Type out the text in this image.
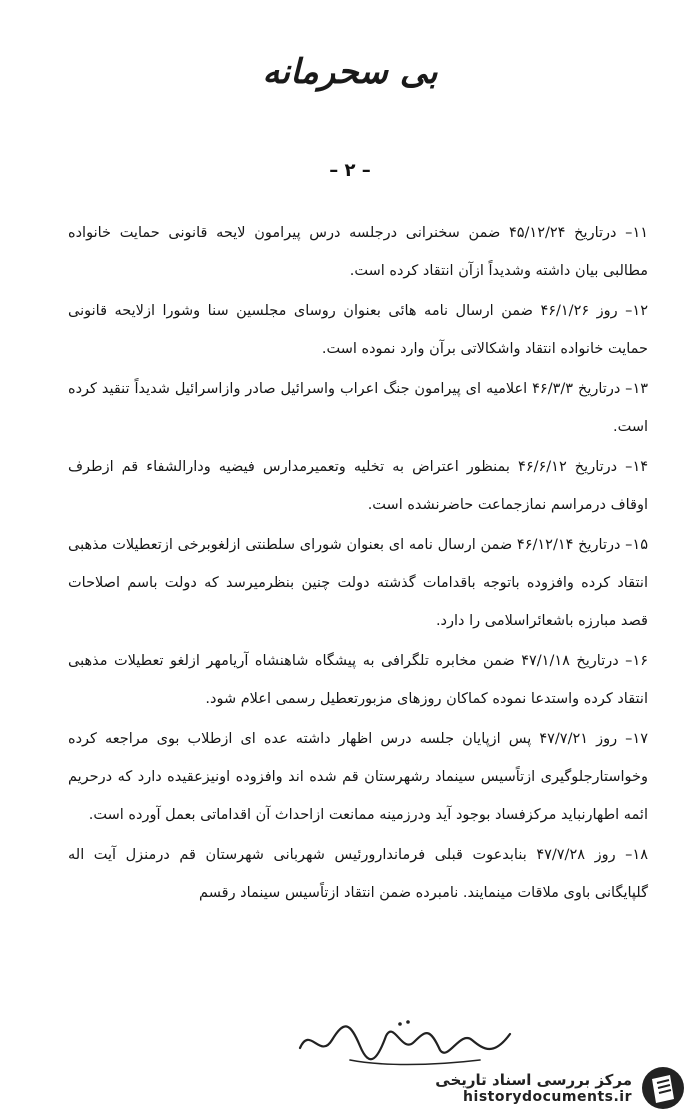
بی سحرمانه
– ۲ –

۱۱– درتاریخ ۴۵/۱۲/۲۴ ضمن سخنرانی درجلسه درس پیرامون لایحه قانونی حمایت خانواده مطالبی بیان داشته وشدیداً ازآن انتقاد کرده است.

۱۲– روز ۴۶/۱/۲۶ ضمن ارسال نامه هائی بعنوان روسای مجلسین سنا وشورا ازلایحه قانونی حمایت خانواده انتقاد واشکالاتی برآن وارد نموده است.

۱۳– درتاریخ ۴۶/۳/۳ اعلامیه ای پیرامون جنگ اعراب واسرائیل صادر وازاسرائیل شدیداً تنقید کرده است.

۱۴– درتاریخ ۴۶/۶/۱۲ بمنظور اعتراض به تخلیه وتعمیرمدارس فیضیه ودارالشفاء قم ازطرف اوقاف درمراسم نمازجماعت حاضرنشده است.

۱۵– درتاریخ ۴۶/۱۲/۱۴ ضمن ارسال نامه ای بعنوان شورای سلطنتی ازلغوبرخی ازتعطیلات مذهبی انتقاد کرده وافزوده باتوجه باقدامات گذشته دولت چنین بنظرمیرسد که دولت باسم اصلاحات قصد مبارزه باشعائراسلامی را دارد.

۱۶– درتاریخ ۴۷/۱/۱۸ ضمن مخابره تلگرافی به پیشگاه شاهنشاه آریامهر ازلغو تعطیلات مذهبی انتقاد کرده واستدعا نموده کماکان روزهای مزبورتعطیل رسمی اعلام شود.

۱۷– روز ۴۷/۷/۲۱ پس ازپایان جلسه درس اظهار داشته عده ای ازطلاب بوی مراجعه کرده وخواستارجلوگیری ازتاًسیس سینماد رشهرستان قم شده اند وافزوده اونیزعقیده دارد که درحریم ائمه اطهارنباید مرکزفساد بوجود آید ودرزمینه ممانعت ازاحداث آن اقداماتی بعمل آورده است.

۱۸– روز ۴۷/۷/۲۸ بنابدعوت قبلی فرماندارورئیس شهربانی شهرستان قم درمنزل آیت اله گلپایگانی باوی ملاقات مینمایند. نامبرده ضمن انتقاد ازتاًسیس سینماد رقسم

مرکز بررسی اسناد تاریخی
historydocuments.ir
